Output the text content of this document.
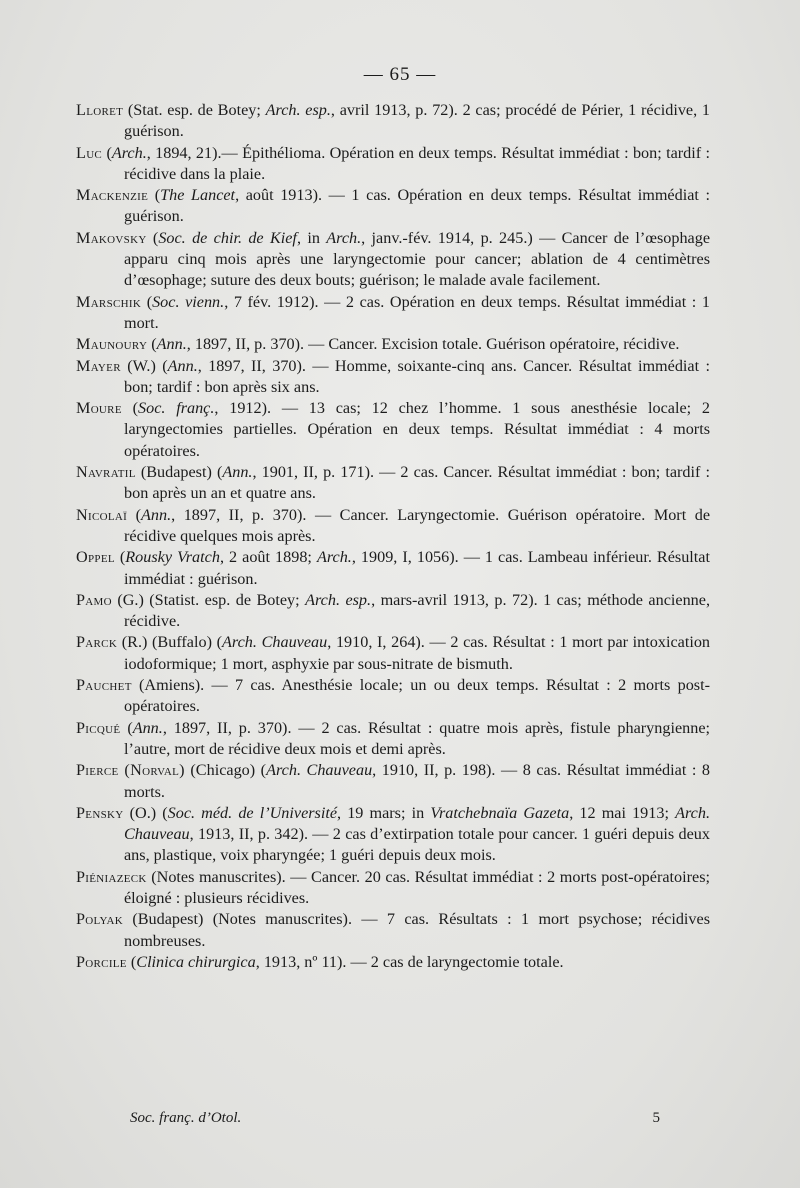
— 65 —

Lloret (Stat. esp. de Botey; Arch. esp., avril 1913, p. 72). 2 cas; procédé de Périer, 1 récidive, 1 guérison.

Luc (Arch., 1894, 21).— Épithélioma. Opération en deux temps. Résultat immédiat : bon; tardif : récidive dans la plaie.

Mackenzie (The Lancet, août 1913). — 1 cas. Opération en deux temps. Résultat immédiat : guérison.

Makovsky (Soc. de chir. de Kief, in Arch., janv.-fév. 1914, p. 245.) — Cancer de l’œsophage apparu cinq mois après une laryngectomie pour cancer; ablation de 4 centimètres d’œsophage; suture des deux bouts; guérison; le malade avale facilement.

Marschik (Soc. vienn., 7 fév. 1912). — 2 cas. Opération en deux temps. Résultat immédiat : 1 mort.

Maunoury (Ann., 1897, II, p. 370). — Cancer. Excision totale. Guérison opératoire, récidive.

Mayer (W.) (Ann., 1897, II, 370). — Homme, soixante-cinq ans. Cancer. Résultat immédiat : bon; tardif : bon après six ans.

Moure (Soc. franç., 1912). — 13 cas; 12 chez l’homme. 1 sous anesthésie locale; 2 laryngectomies partielles. Opération en deux temps. Résultat immédiat : 4 morts opératoires.

Navratil (Budapest) (Ann., 1901, II, p. 171). — 2 cas. Cancer. Résultat immédiat : bon; tardif : bon après un an et quatre ans.

Nicolaï (Ann., 1897, II, p. 370). — Cancer. Laryngectomie. Guérison opératoire. Mort de récidive quelques mois après.

Oppel (Rousky Vratch, 2 août 1898; Arch., 1909, I, 1056). — 1 cas. Lambeau inférieur. Résultat immédiat : guérison.

Pamo (G.) (Statist. esp. de Botey; Arch. esp., mars-avril 1913, p. 72). 1 cas; méthode ancienne, récidive.

Parck (R.) (Buffalo) (Arch. Chauveau, 1910, I, 264). — 2 cas. Résultat : 1 mort par intoxication iodoformique; 1 mort, asphyxie par sous-nitrate de bismuth.

Pauchet (Amiens). — 7 cas. Anesthésie locale; un ou deux temps. Résultat : 2 morts post-opératoires.

Picqué (Ann., 1897, II, p. 370). — 2 cas. Résultat : quatre mois après, fistule pharyngienne; l’autre, mort de récidive deux mois et demi après.

Pierce (Norval) (Chicago) (Arch. Chauveau, 1910, II, p. 198). — 8 cas. Résultat immédiat : 8 morts.

Pensky (O.) (Soc. méd. de l’Université, 19 mars; in Vratchebnaïa Gazeta, 12 mai 1913; Arch. Chauveau, 1913, II, p. 342). — 2 cas d’extirpation totale pour cancer. 1 guéri depuis deux ans, plastique, voix pharyngée; 1 guéri depuis deux mois.

Piéniazeck (Notes manuscrites). — Cancer. 20 cas. Résultat immédiat : 2 morts post-opératoires; éloigné : plusieurs récidives.

Polyak (Budapest) (Notes manuscrites). — 7 cas. Résultats : 1 mort psychose; récidives nombreuses.

Porcile (Clinica chirurgica, 1913, nº 11). — 2 cas de laryngectomie totale.

Soc. franç. d’Otol.	5
